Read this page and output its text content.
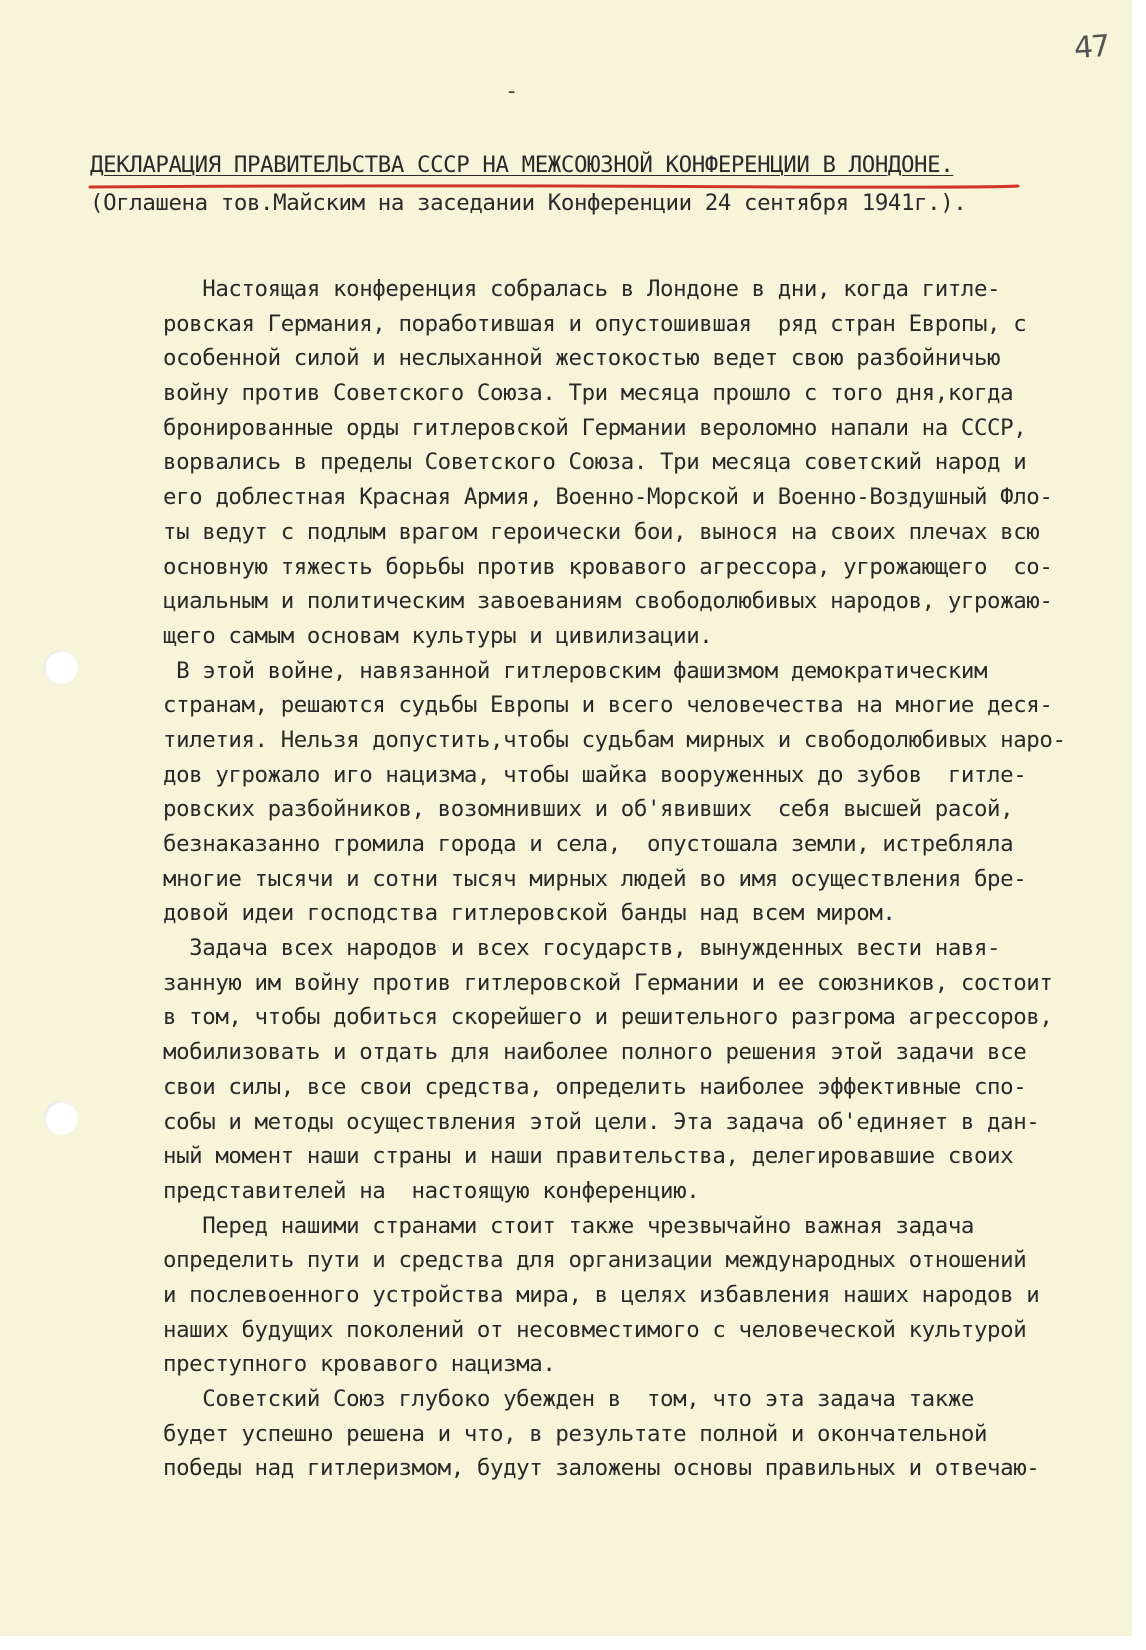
47
-
ДЕКЛАРАЦИЯ ПРАВИТЕЛЬСТВА СССР НА МЕЖСОЮЗНОЙ КОНФЕРЕНЦИИ В ЛОНДОНЕ.
(Оглашена тов.Майским на заседании Конференции 24 сентября 1941г.).
Настоящая конференция собралась в Лондоне в дни, когда гитле-
ровская Германия, поработившая и опустошившая  ряд стран Европы, с
особенной силой и неслыханной жестокостью ведет свою разбойничью
войну против Советского Союза. Три месяца прошло с того дня,когда
бронированные орды гитлеровской Германии вероломно напали на СССР,
ворвались в пределы Советского Союза. Три месяца советский народ и
его доблестная Красная Армия, Военно-Морской и Военно-Воздушный Фло-
ты ведут с подлым врагом героически бои, вынося на своих плечах всю
основную тяжесть борьбы против кровавого агрессора, угрожающего  со-
циальным и политическим завоеваниям свободолюбивых народов, угрожаю-
щего самым основам культуры и цивилизации.
В этой войне, навязанной гитлеровским фашизмом демократическим
странам, решаются судьбы Европы и всего человечества на многие деся-
тилетия. Нельзя допустить,чтобы судьбам мирных и свободолюбивых наро-
дов угрожало иго нацизма, чтобы шайка вооруженных до зубов  гитле-
ровских разбойников, возомнивших и об'явивших  себя высшей расой,
безнаказанно громила города и села,  опустошала земли, истребляла
многие тысячи и сотни тысяч мирных людей во имя осуществления бре-
довой идеи господства гитлеровской банды над всем миром.
Задача всех народов и всех государств, вынужденных вести навя-
занную им войну против гитлеровской Германии и ее союзников, состоит
в том, чтобы добиться скорейшего и решительного разгрома агрессоров,
мобилизовать и отдать для наиболее полного решения этой задачи все
свои силы, все свои средства, определить наиболее эффективные спо-
собы и методы осуществления этой цели. Эта задача об'единяет в дан-
ный момент наши страны и наши правительства, делегировавшие своих
представителей на  настоящую конференцию.
Перед нашими странами стоит также чрезвычайно важная задача
определить пути и средства для организации международных отношений
и послевоенного устройства мира, в целях избавления наших народов и
наших будущих поколений от несовместимого с человеческой культурой
преступного кровавого нацизма.
Советский Союз глубоко убежден в  том, что эта задача также
будет успешно решена и что, в результате полной и окончательной
победы над гитлеризмом, будут заложены основы правильных и отвечаю-
